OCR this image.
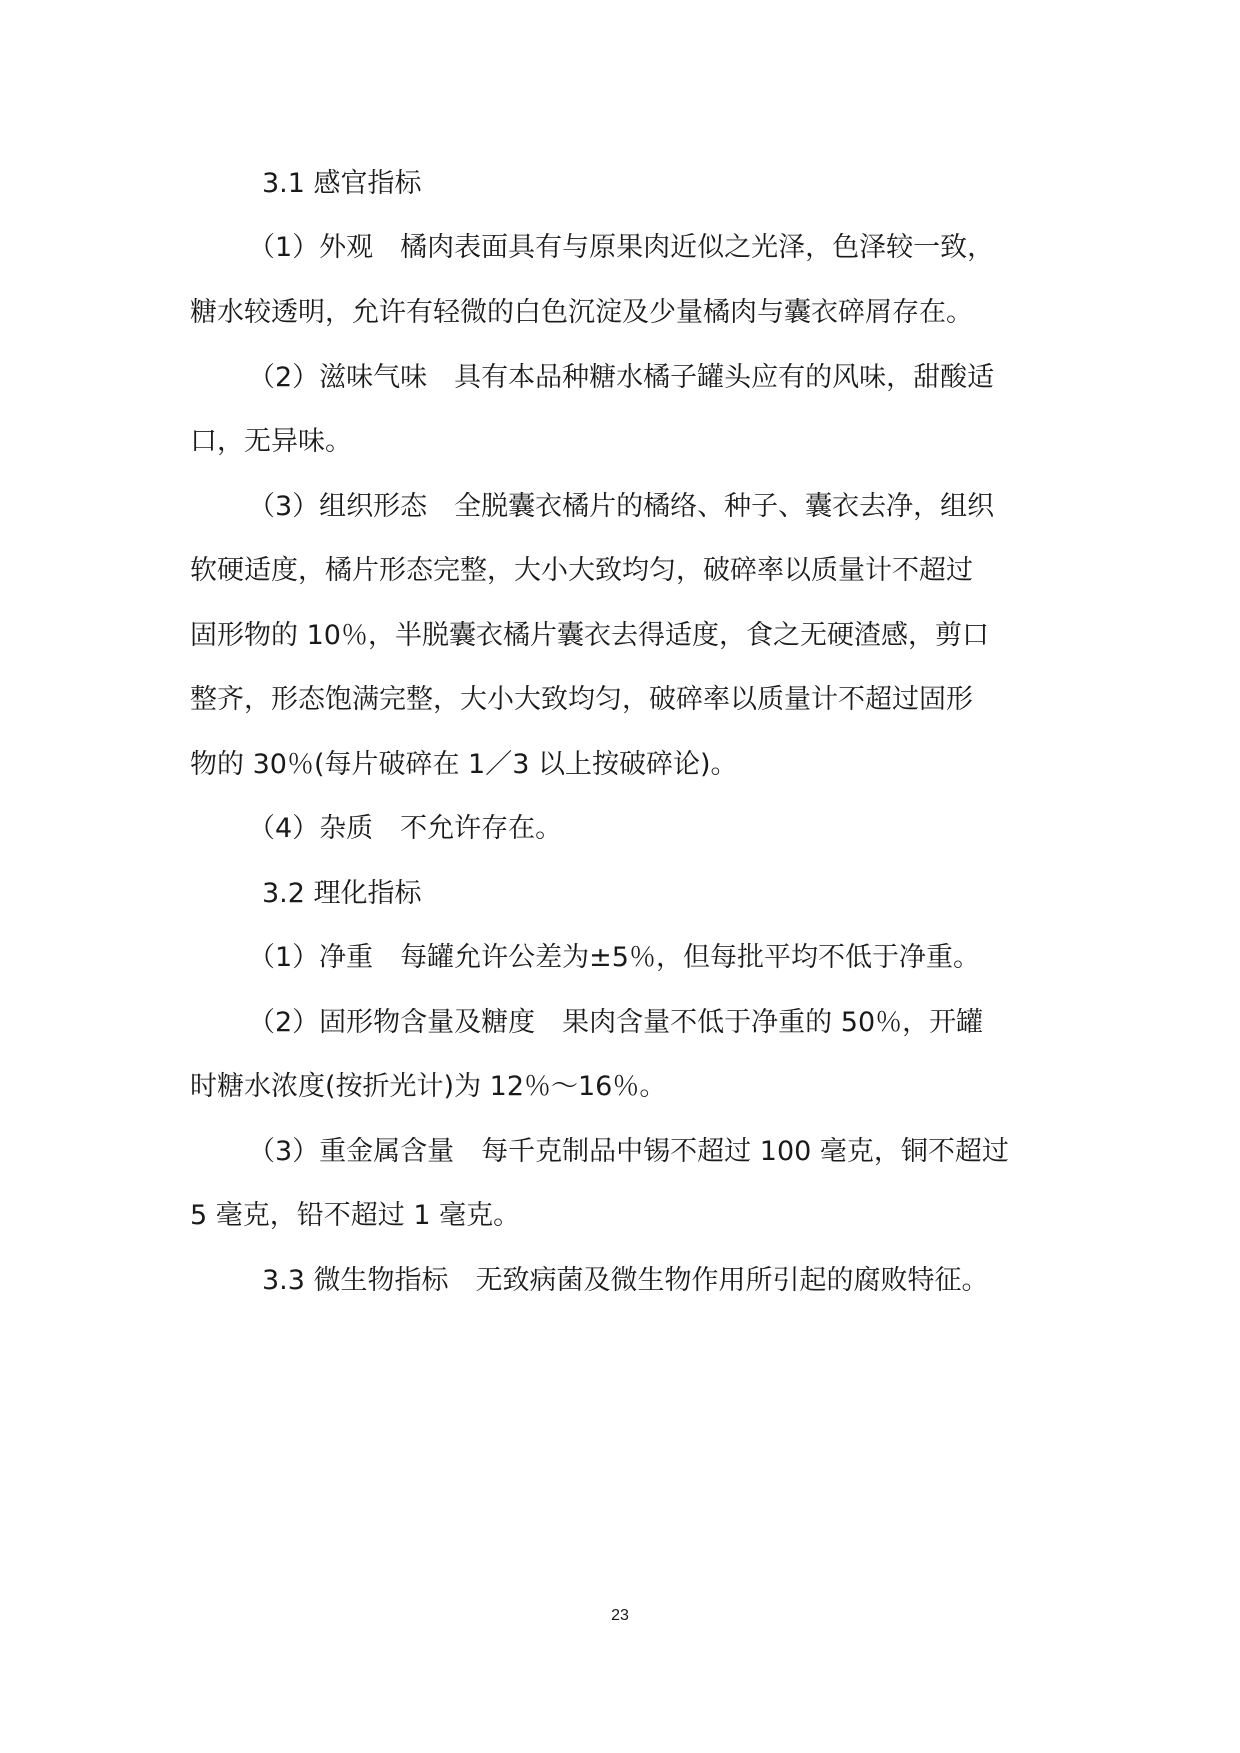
3.1 感官指标
（1）外观　橘肉表面具有与原果肉近似之光泽，色泽较一致，
糖水较透明，允许有轻微的白色沉淀及少量橘肉与囊衣碎屑存在。
（2）滋味气味　具有本品种糖水橘子罐头应有的风味，甜酸适
口，无异味。
（3）组织形态　全脱囊衣橘片的橘络、种子、囊衣去净，组织
软硬适度，橘片形态完整，大小大致均匀，破碎率以质量计不超过
固形物的 10％，半脱囊衣橘片囊衣去得适度，食之无硬渣感，剪口
整齐，形态饱满完整，大小大致均匀，破碎率以质量计不超过固形
物的 30％(每片破碎在 1／3 以上按破碎论)。
（4）杂质　不允许存在。
3.2 理化指标
（1）净重　每罐允许公差为±5％，但每批平均不低于净重。
（2）固形物含量及糖度　果肉含量不低于净重的 50％，开罐
时糖水浓度(按折光计)为 12％～16％。
（3）重金属含量　每千克制品中锡不超过 100 毫克，铜不超过
5 毫克，铅不超过 1 毫克。
3.3 微生物指标　无致病菌及微生物作用所引起的腐败特征。
23
